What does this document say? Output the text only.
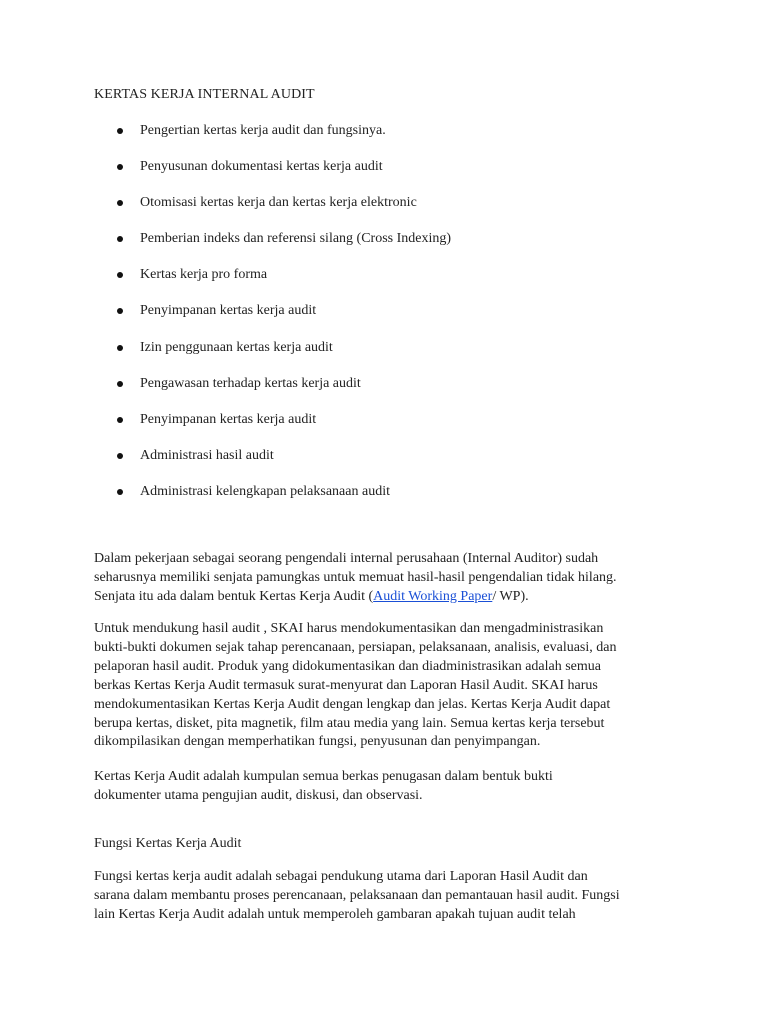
KERTAS KERJA INTERNAL AUDIT
Pengertian kertas kerja audit dan fungsinya.
Penyusunan dokumentasi kertas kerja audit
Otomisasi kertas kerja dan kertas kerja elektronic
Pemberian indeks dan referensi silang (Cross Indexing)
Kertas kerja pro forma
Penyimpanan kertas kerja audit
Izin penggunaan kertas kerja audit
Pengawasan terhadap kertas kerja audit
Penyimpanan kertas kerja audit
Administrasi hasil audit
Administrasi kelengkapan pelaksanaan audit

Dalam pekerjaan sebagai seorang pengendali internal perusahaan (Internal Auditor) sudah
seharusnya memiliki senjata pamungkas untuk memuat hasil-hasil pengendalian tidak hilang.
Senjata itu ada dalam bentuk Kertas Kerja Audit (Audit Working Paper/ WP).

Untuk mendukung hasil audit , SKAI harus mendokumentasikan dan mengadministrasikan
bukti-bukti dokumen sejak tahap perencanaan, persiapan, pelaksanaan, analisis, evaluasi, dan
pelaporan hasil audit. Produk yang didokumentasikan dan diadministrasikan adalah semua
berkas Kertas Kerja Audit termasuk surat-menyurat dan Laporan Hasil Audit. SKAI harus
mendokumentasikan Kertas Kerja Audit dengan lengkap dan jelas. Kertas Kerja Audit dapat
berupa kertas, disket, pita magnetik, film atau media yang lain. Semua kertas kerja tersebut
dikompilasikan dengan memperhatikan fungsi, penyusunan dan penyimpangan.

Kertas Kerja Audit adalah kumpulan semua berkas penugasan dalam bentuk bukti
dokumenter utama pengujian audit, diskusi, dan observasi.

Fungsi Kertas Kerja Audit

Fungsi kertas kerja audit adalah sebagai pendukung utama dari Laporan Hasil Audit dan
sarana dalam membantu proses perencanaan, pelaksanaan dan pemantauan hasil audit. Fungsi
lain Kertas Kerja Audit adalah untuk memperoleh gambaran apakah tujuan audit telah
